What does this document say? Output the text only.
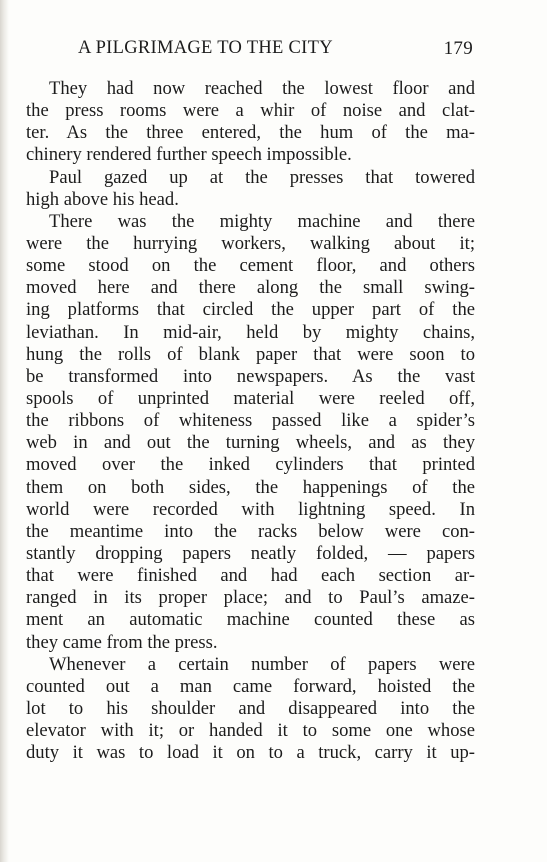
A PILGRIMAGE TO THE CITY	179

They had now reached the lowest floor and
the press rooms were a whir of noise and clat-
ter. As the three entered, the hum of the ma-
chinery rendered further speech impossible.

Paul gazed up at the presses that towered
high above his head.

There was the mighty machine and there
were the hurrying workers, walking about it;
some stood on the cement floor, and others
moved here and there along the small swing-
ing platforms that circled the upper part of the
leviathan. In mid-air, held by mighty chains,
hung the rolls of blank paper that were soon to
be transformed into newspapers. As the vast
spools of unprinted material were reeled off,
the ribbons of whiteness passed like a spider’s
web in and out the turning wheels, and as they
moved over the inked cylinders that printed
them on both sides, the happenings of the
world were recorded with lightning speed. In
the meantime into the racks below were con-
stantly dropping papers neatly folded, — papers
that were finished and had each section ar-
ranged in its proper place; and to Paul’s amaze-
ment an automatic machine counted these as
they came from the press.

Whenever a certain number of papers were
counted out a man came forward, hoisted the
lot to his shoulder and disappeared into the
elevator with it; or handed it to some one whose
duty it was to load it on to a truck, carry it up-
